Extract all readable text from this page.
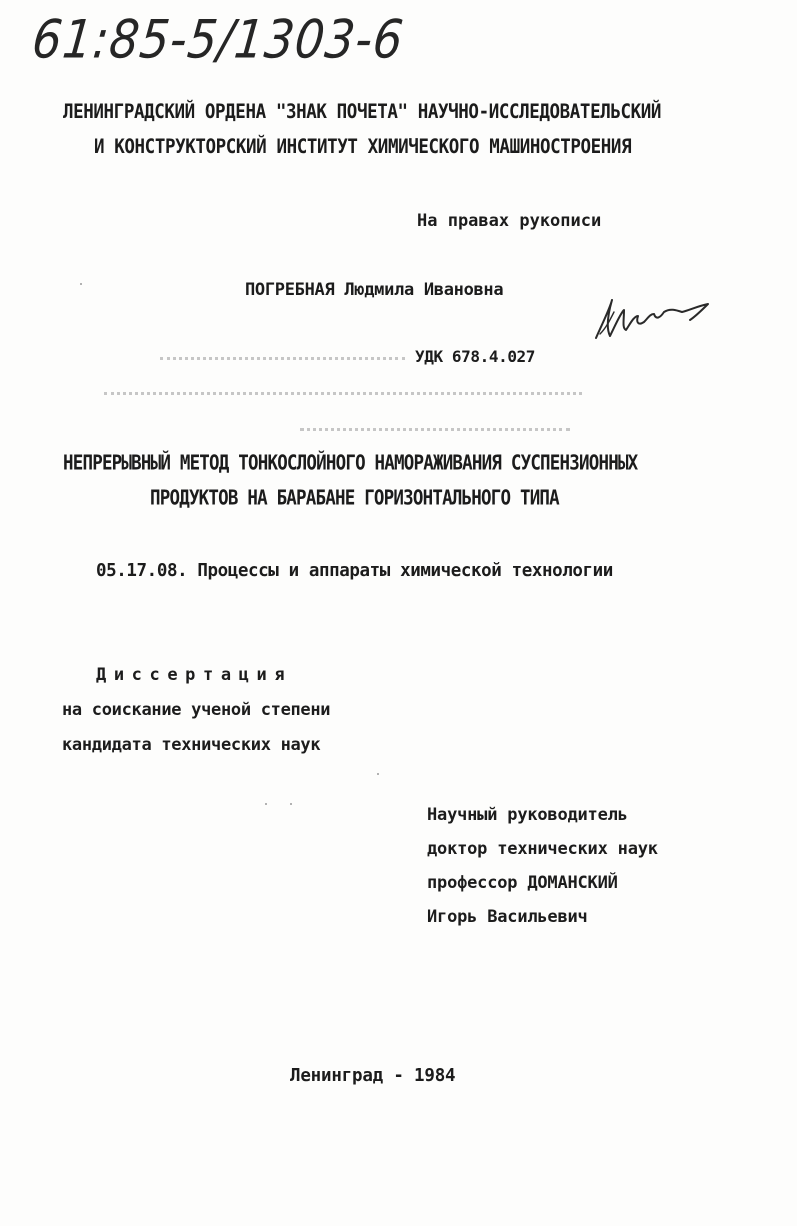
61:85-5/1303-6
ЛЕНИНГРАДСКИЙ ОРДЕНА "ЗНАК ПОЧЕТА" НАУЧНО-ИССЛЕДОВАТЕЛЬСКИЙ
И КОНСТРУКТОРСКИЙ ИНСТИТУТ ХИМИЧЕСКОГО МАШИНОСТРОЕНИЯ
На правах рукописи
ПОГРЕБНАЯ Людмила Ивановна
УДК 678.4.027
НЕПРЕРЫВНЫЙ МЕТОД ТОНКОСЛОЙНОГО НАМОРАЖИВАНИЯ СУСПЕНЗИОННЫХ
ПРОДУКТОВ НА БАРАБАНЕ ГОРИЗОНТАЛЬНОГО ТИПА
05.17.08. Процессы и аппараты химической технологии
Диссертация
на соискание ученой степени
кандидата технических наук
Научный руководитель
доктор технических наук
профессор ДОМАНСКИЙ
Игорь Васильевич
Ленинград - 1984
